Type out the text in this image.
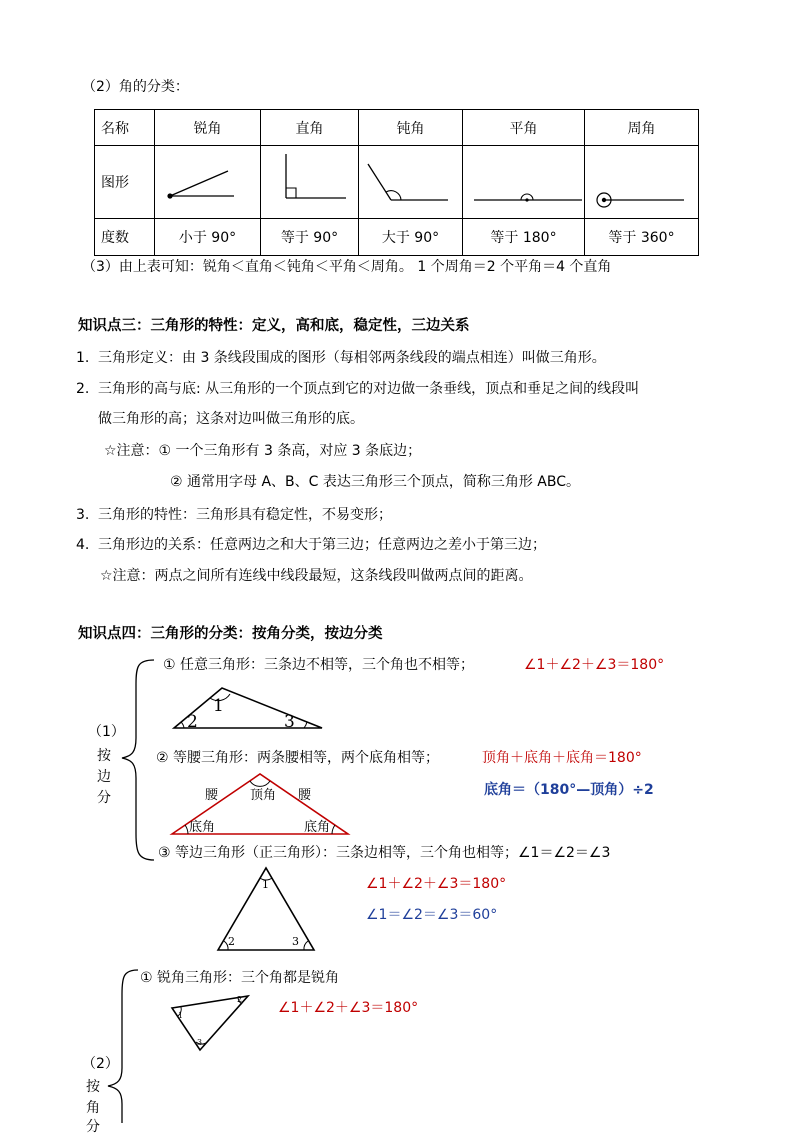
（2）角的分类：
名称	锐角	直角	钝角	平角	周角
图形					
度数	小于 90°	等于 90°	大于 90°	等于 180°	等于 360°
（3）由上表可知：锐角＜直角＜钝角＜平角＜周角。 1 个周角＝2 个平角＝4 个直角
知识点三：三角形的特性：定义，高和底，稳定性，三边关系
1. 三角形定义：由 3 条线段围成的图形（每相邻两条线段的端点相连）叫做三角形。
2. 三角形的高与底: 从三角形的一个顶点到它的对边做一条垂线，顶点和垂足之间的线段叫
做三角形的高；这条对边叫做三角形的底。
☆注意：① 一个三角形有 3 条高，对应 3 条底边；
② 通常用字母 A、B、C 表达三角形三个顶点，简称三角形 ABC。
3. 三角形的特性：三角形具有稳定性，不易变形；
4. 三角形边的关系：任意两边之和大于第三边；任意两边之差小于第三边；
☆注意：两点之间所有连线中线段最短，这条线段叫做两点间的距离。
知识点四：三角形的分类：按角分类，按边分类
（1）
按
边
分
① 任意三角形：三条边不相等，三个角也不相等；	∠1＋∠2＋∠3＝180°
1
2	3
② 等腰三角形：两条腰相等，两个底角相等；	顶角＋底角＋底角＝180°
底角＝（180°—顶角）÷2
腰 顶角 腰
底角	底角
③ 等边三角形（正三角形）：三条边相等，三个角也相等；∠1＝∠2＝∠3
∠1＋∠2＋∠3＝180°
∠1＝∠2＝∠3＝60°
1
2	3
（2）
按
角
分
① 锐角三角形：三个角都是锐角
∠1＋∠2＋∠3＝180°
1
2
3
